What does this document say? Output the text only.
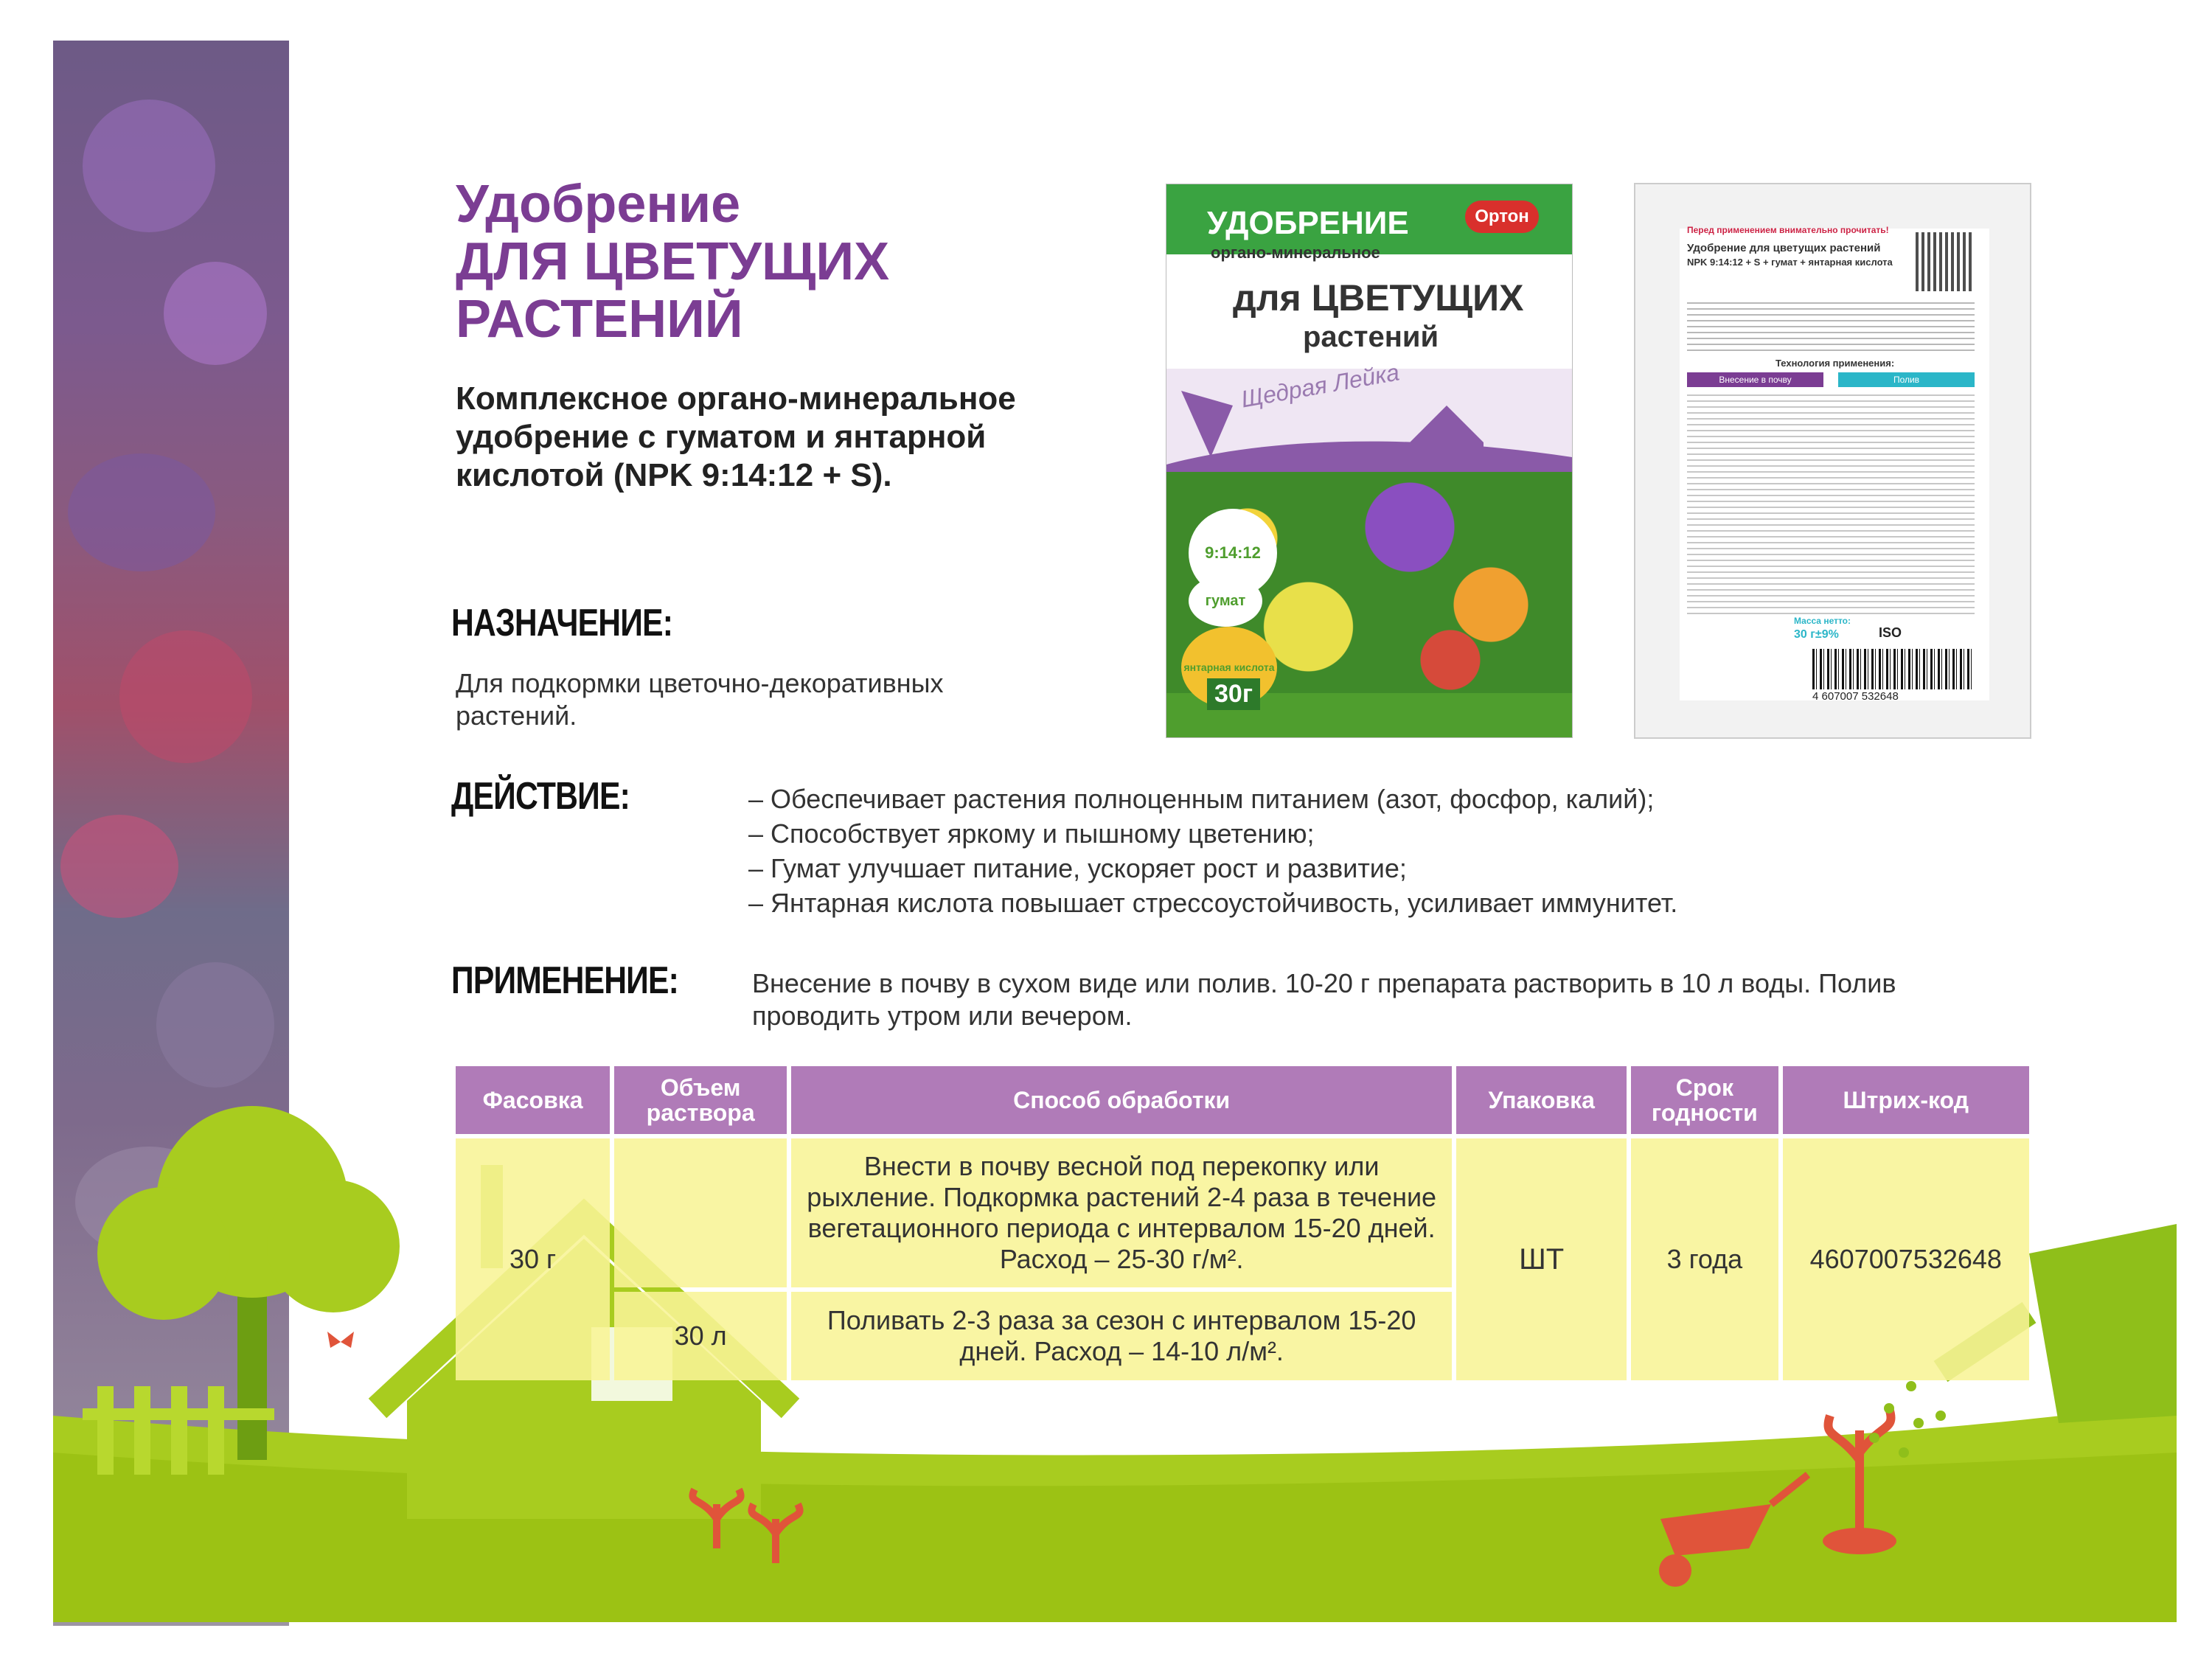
Удобрение
ДЛЯ ЦВЕТУЩИХ
РАСТЕНИЙ
Комплексное органо-минеральное
удобрение с гуматом и янтарной
кислотой (NPK 9:14:12 + S).
НАЗНАЧЕНИЕ:
Для подкормки цветочно-декоративных
растений.
ДЕЙСТВИЕ:	– Обеспечивает растения полноценным питанием (азот, фосфор, калий);
– Способствует яркому и пышному цветению;
– Гумат улучшает питание, ускоряет рост и развитие;
– Янтарная кислота повышает стрессоустойчивость, усиливает иммунитет.
ПРИМЕНЕНИЕ:	Внесение в почву в сухом виде или полив. 10-20 г препарата растворить в 10 л воды. Полив
проводить утром или вечером.
УДОБРЕНИЕ	Ортон
органо-минеральное
для ЦВЕТУЩИХ
растений
Щедрая Лейка
9:14:12
гумат
янтарная кислота
30г
Перед применением внимательно прочитать!
Удобрение для цветущих растений
NPK 9:14:12 + S + гумат + янтарная кислота
Технология применения:
Внесение в почву	Полив
Масса нетто:
30 г±9%	ISO
4 607007 532648
Фасовка	Объем раствора	Способ обработки	Упаковка	Срок годности	Штрих-код
30 г		Внести в почву весной под перекопку или рыхление. Подкормка растений 2-4 раза в течение вегетационного периода с интервалом 15-20 дней. Расход – 25-30 г/м².	ШТ	3 года	4607007532648
	30 л	Поливать 2-3 раза за сезон с интервалом 15-20 дней. Расход – 14-10 л/м².			
